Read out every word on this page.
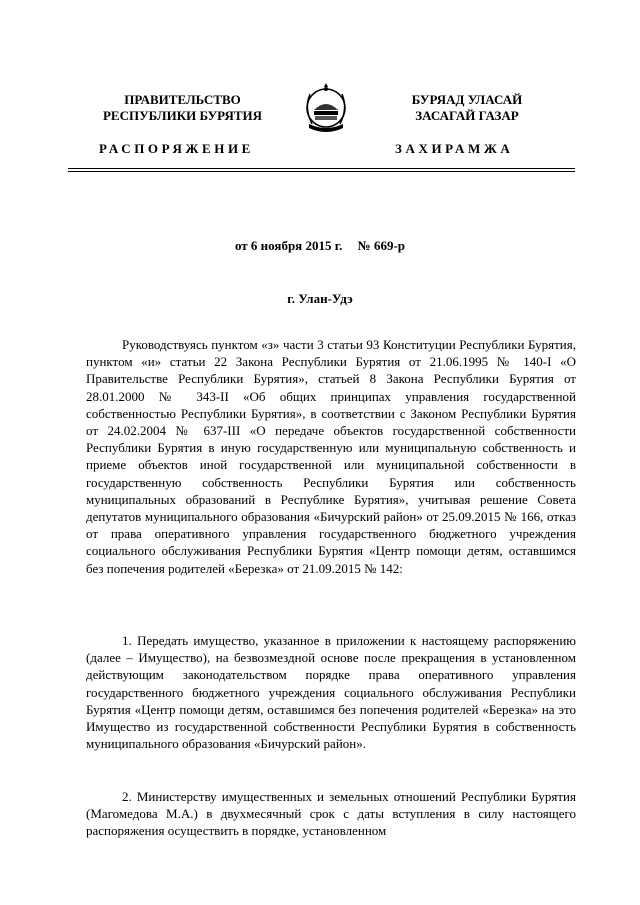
ПРАВИТЕЛЬСТВО
РЕСПУБЛИКИ БУРЯТИЯ
БУРЯАД УЛАСАЙ
ЗАСАГАЙ ГАЗАР
РАСПОРЯЖЕНИЕ	ЗАХИРАМЖА
от 6 ноября 2015 г. № 669-р
г. Улан-Удэ

Руководствуясь пунктом «з» части 3 статьи 93 Конституции Республики Бурятия, пунктом «и» статьи 22 Закона Республики Бурятия от 21.06.1995 № 140-I «О Правительстве Республики Бурятия», статьей 8 Закона Республики Бурятия от 28.01.2000 № 343-II «Об общих принципах управления государственной собственностью Республики Бурятия», в соответствии с Законом Республики Бурятия от 24.02.2004 № 637-III «О передаче объектов государственной собственности Республики Бурятия в иную государственную или муниципальную собственность и приеме объектов иной государственной или муниципальной собственности в государственную собственность Республики Бурятия или собственность муниципальных образований в Республике Бурятия», учитывая решение Совета депутатов муниципального образования «Бичурский район» от 25.09.2015 № 166, отказ от права оперативного управления государственного бюджетного учреждения социального обслуживания Республики Бурятия «Центр помощи детям, оставшимся без попечения родителей «Березка» от 21.09.2015 № 142:

1. Передать имущество, указанное в приложении к настоящему распоряжению (далее – Имущество), на безвозмездной основе после прекращения в установленном действующим законодательством порядке права оперативного управления государственного бюджетного учреждения социального обслуживания Республики Бурятия «Центр помощи детям, оставшимся без попечения родителей «Березка» на это Имущество из государственной собственности Республики Бурятия в собственность муниципального образования «Бичурский район».

2. Министерству имущественных и земельных отношений Республики Бурятия (Магомедова М.А.) в двухмесячный срок с даты вступления в силу настоящего распоряжения осуществить в порядке, установленном
